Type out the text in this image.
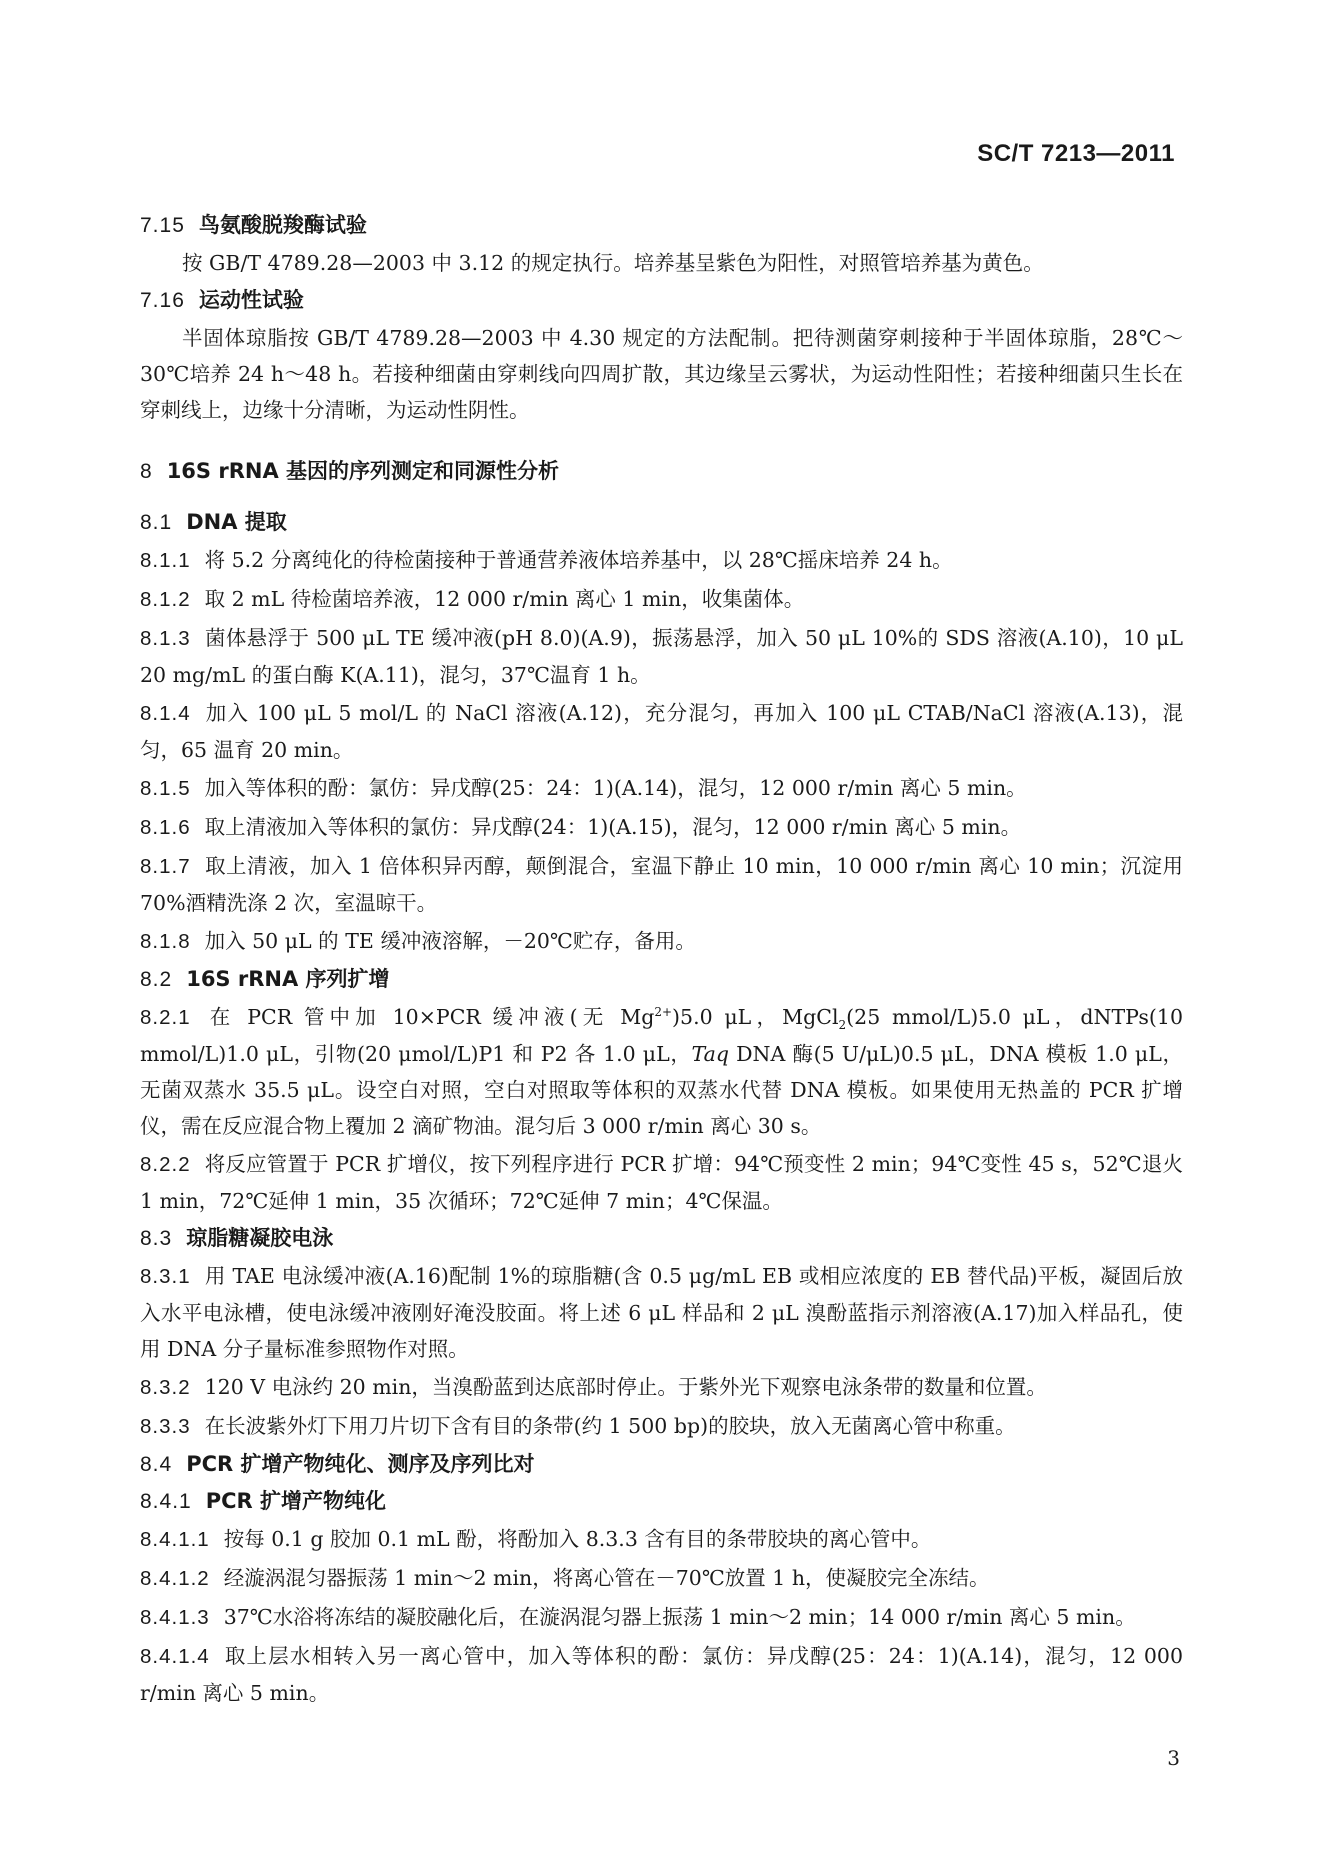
SC/T 7213—2011

7.15 鸟氨酸脱羧酶试验

按 GB/T 4789.28—2003 中 3.12 的规定执行。培养基呈紫色为阳性，对照管培养基为黄色。

7.16 运动性试验

半固体琼脂按 GB/T 4789.28—2003 中 4.30 规定的方法配制。把待测菌穿刺接种于半固体琼脂，28℃～30℃培养 24 h～48 h。若接种细菌由穿刺线向四周扩散，其边缘呈云雾状，为运动性阳性；若接种细菌只生长在穿刺线上，边缘十分清晰，为运动性阴性。

8 16S rRNA 基因的序列测定和同源性分析

8.1 DNA 提取

8.1.1 将 5.2 分离纯化的待检菌接种于普通营养液体培养基中，以 28℃摇床培养 24 h。

8.1.2 取 2 mL 待检菌培养液，12 000 r/min 离心 1 min，收集菌体。

8.1.3 菌体悬浮于 500 μL TE 缓冲液(pH 8.0)(A.9)，振荡悬浮，加入 50 μL 10%的 SDS 溶液(A.10)，10 μL 20 mg/mL 的蛋白酶 K(A.11)，混匀，37℃温育 1 h。

8.1.4 加入 100 μL 5 mol/L 的 NaCl 溶液(A.12)，充分混匀，再加入 100 μL CTAB/NaCl 溶液(A.13)，混匀，65 温育 20 min。

8.1.5 加入等体积的酚：氯仿：异戊醇(25：24：1)(A.14)，混匀，12 000 r/min 离心 5 min。

8.1.6 取上清液加入等体积的氯仿：异戊醇(24：1)(A.15)，混匀，12 000 r/min 离心 5 min。

8.1.7 取上清液，加入 1 倍体积异丙醇，颠倒混合，室温下静止 10 min，10 000 r/min 离心 10 min；沉淀用 70%酒精洗涤 2 次，室温晾干。

8.1.8 加入 50 μL 的 TE 缓冲液溶解，－20℃贮存，备用。

8.2 16S rRNA 序列扩增

8.2.1 在 PCR 管中加 10×PCR 缓冲液(无 $Mg^{2+})5.0$ μL，MgCl$_2$(25 mmol/L)5.0 μL，dNTPs(10 mmol/L)1.0 μL，引物(20 μmol/L)P1 和 P2 各 1.0 μL，Taq DNA 酶(5 U/μL)0.5 μL，DNA 模板 1.0 μL，无菌双蒸水 35.5 μL。设空白对照，空白对照取等体积的双蒸水代替 DNA 模板。如果使用无热盖的 PCR 扩增仪，需在反应混合物上覆加 2 滴矿物油。混匀后 3 000 r/min 离心 30 s。

8.2.2 将反应管置于 PCR 扩增仪，按下列程序进行 PCR 扩增：94℃预变性 2 min；94℃变性 45 s，52℃退火 1 min，72℃延伸 1 min，35 次循环；72℃延伸 7 min；4℃保温。

8.3 琼脂糖凝胶电泳

8.3.1 用 TAE 电泳缓冲液(A.16)配制 1%的琼脂糖(含 0.5 μg/mL EB 或相应浓度的 EB 替代品)平板，凝固后放入水平电泳槽，使电泳缓冲液刚好淹没胶面。将上述 6 μL 样品和 2 μL 溴酚蓝指示剂溶液(A.17)加入样品孔，使用 DNA 分子量标准参照物作对照。

8.3.2 120 V 电泳约 20 min，当溴酚蓝到达底部时停止。于紫外光下观察电泳条带的数量和位置。

8.3.3 在长波紫外灯下用刀片切下含有目的条带(约 1 500 bp)的胶块，放入无菌离心管中称重。

8.4 PCR 扩增产物纯化、测序及序列比对

8.4.1 PCR 扩增产物纯化

8.4.1.1 按每 0.1 g 胶加 0.1 mL 酚，将酚加入 8.3.3 含有目的条带胶块的离心管中。

8.4.1.2 经漩涡混匀器振荡 1 min～2 min，将离心管在－70℃放置 1 h，使凝胶完全冻结。

8.4.1.3 37℃水浴将冻结的凝胶融化后，在漩涡混匀器上振荡 1 min～2 min；14 000 r/min 离心 5 min。

8.4.1.4 取上层水相转入另一离心管中，加入等体积的酚：氯仿：异戊醇(25：24：1)(A.14)，混匀，12 000 r/min 离心 5 min。

3
